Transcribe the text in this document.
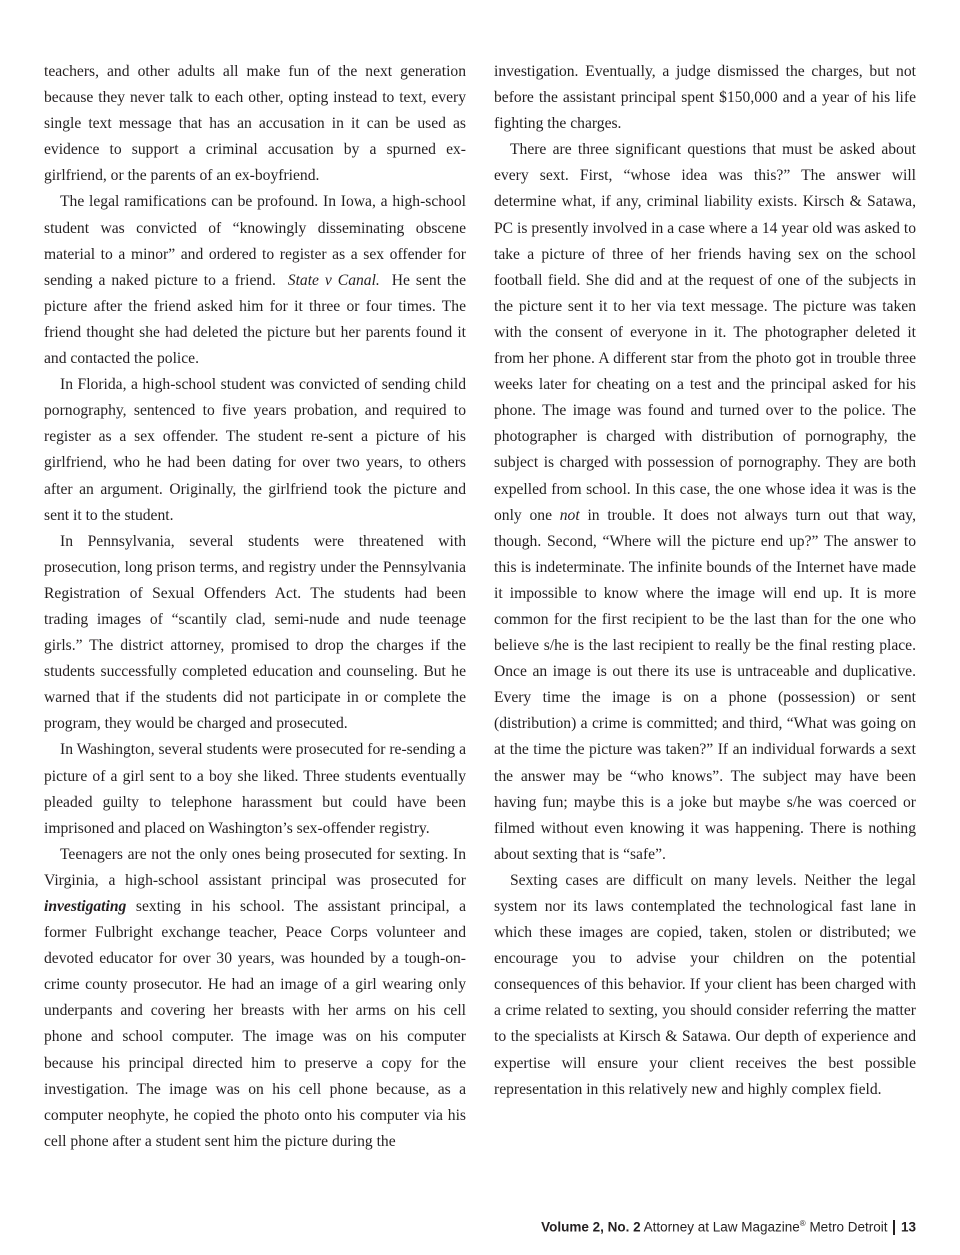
teachers, and other adults all make fun of the next generation because they never talk to each other, opting instead to text, every single text message that has an accusation in it can be used as evidence to support a criminal accusation by a spurned ex-girlfriend, or the parents of an ex-boyfriend.

The legal ramifications can be profound. In Iowa, a high-school student was convicted of “knowingly disseminating obscene material to a minor” and ordered to register as a sex offender for sending a naked picture to a friend. State v Canal. He sent the picture after the friend asked him for it three or four times. The friend thought she had deleted the picture but her parents found it and contacted the police.

In Florida, a high-school student was convicted of sending child pornography, sentenced to five years probation, and required to register as a sex offender. The student re-sent a picture of his girlfriend, who he had been dating for over two years, to others after an argument. Originally, the girlfriend took the picture and sent it to the student.

In Pennsylvania, several students were threatened with prosecution, long prison terms, and registry under the Pennsylvania Registration of Sexual Offenders Act. The students had been trading images of “scantily clad, semi-nude and nude teenage girls.” The district attorney, promised to drop the charges if the students successfully completed education and counseling. But he warned that if the students did not participate in or complete the program, they would be charged and prosecuted.

In Washington, several students were prosecuted for re-sending a picture of a girl sent to a boy she liked. Three students eventually pleaded guilty to telephone harassment but could have been imprisoned and placed on Washington’s sex-offender registry.

Teenagers are not the only ones being prosecuted for sexting. In Virginia, a high-school assistant principal was prosecuted for investigating sexting in his school. The assistant principal, a former Fulbright exchange teacher, Peace Corps volunteer and devoted educator for over 30 years, was hounded by a tough-on-crime county prosecutor. He had an image of a girl wearing only underpants and covering her breasts with her arms on his cell phone and school computer. The image was on his computer because his principal directed him to preserve a copy for the investigation. The image was on his cell phone because, as a computer neophyte, he copied the photo onto his computer via his cell phone after a student sent him the picture during the

investigation. Eventually, a judge dismissed the charges, but not before the assistant principal spent $150,000 and a year of his life fighting the charges.

There are three significant questions that must be asked about every sext. First, “whose idea was this?” The answer will determine what, if any, criminal liability exists. Kirsch & Satawa, PC is presently involved in a case where a 14 year old was asked to take a picture of three of her friends having sex on the school football field. She did and at the request of one of the subjects in the picture sent it to her via text message. The picture was taken with the consent of everyone in it. The photographer deleted it from her phone. A different star from the photo got in trouble three weeks later for cheating on a test and the principal asked for his phone. The image was found and turned over to the police. The photographer is charged with distribution of pornography, the subject is charged with possession of pornography. They are both expelled from school. In this case, the one whose idea it was is the only one not in trouble. It does not always turn out that way, though. Second, “Where will the picture end up?” The answer to this is indeterminate. The infinite bounds of the Internet have made it impossible to know where the image will end up. It is more common for the first recipient to be the last than for the one who believe s/he is the last recipient to really be the final resting place. Once an image is out there its use is untraceable and duplicative. Every time the image is on a phone (possession) or sent (distribution) a crime is committed; and third, “What was going on at the time the picture was taken?” If an individual forwards a sext the answer may be “who knows”. The subject may have been having fun; maybe this is a joke but maybe s/he was coerced or filmed without even knowing it was happening. There is nothing about sexting that is “safe”.

Sexting cases are difficult on many levels. Neither the legal system nor its laws contemplated the technological fast lane in which these images are copied, taken, stolen or distributed; we encourage you to advise your children on the potential consequences of this behavior. If your client has been charged with a crime related to sexting, you should consider referring the matter to the specialists at Kirsch & Satawa. Our depth of experience and expertise will ensure your client receives the best possible representation in this relatively new and highly complex field.

Volume 2, No. 2 Attorney at Law Magazine® Metro Detroit 13
